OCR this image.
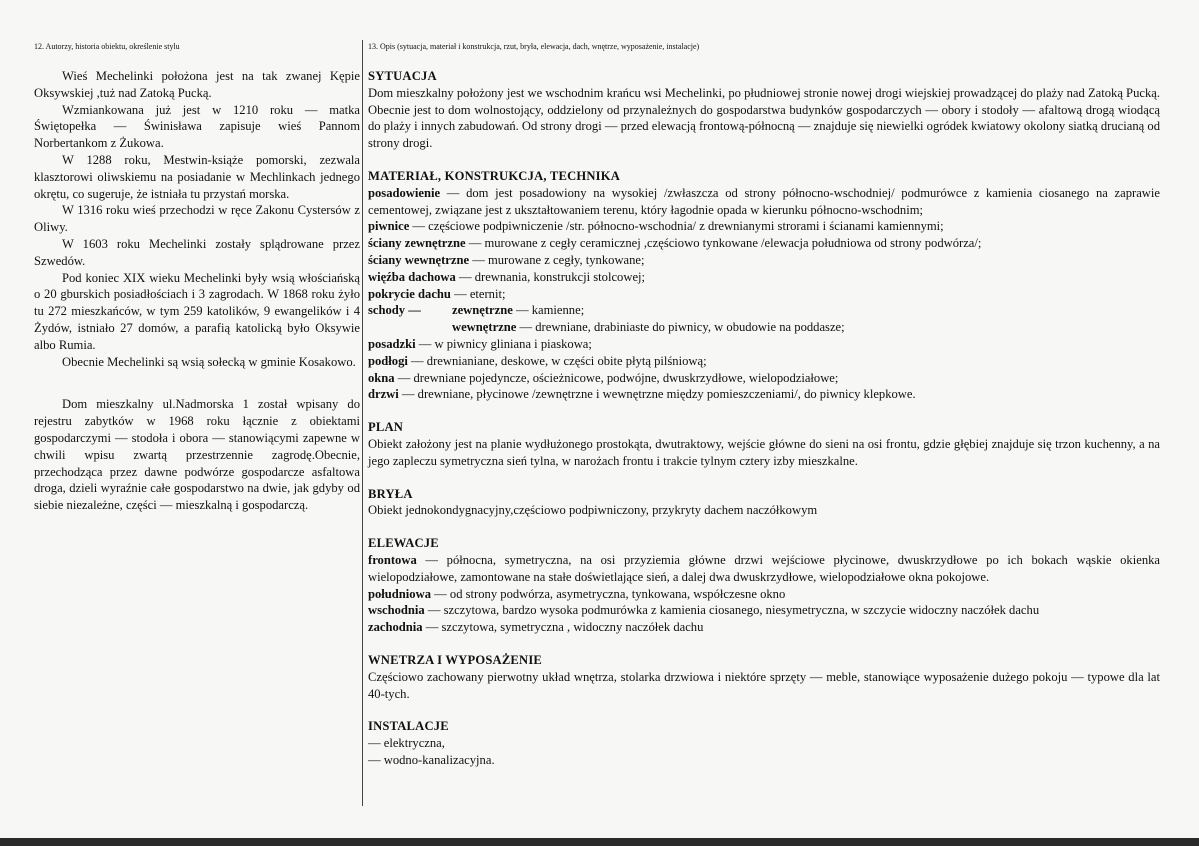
12. Autorzy, historia obiektu, określenie stylu

Wieś Mechelinki położona jest na tak zwanej Kępie Oksywskiej ,tuż nad Zatoką Pucką.

Wzmiankowana już jest w 1210 roku — matka Świętopełka — Świnisława zapisuje wieś Pannom Norbertankom z Żukowa.

W 1288 roku, Mestwin-książe pomorski, zezwala klasztorowi oliwskiemu na posiadanie w Mechlinkach jednego okrętu, co sugeruje, że istniała tu przystań morska.

W 1316 roku wieś przechodzi w ręce Zakonu Cystersów z Oliwy.

W 1603 roku Mechelinki zostały splądrowane przez Szwedów.

Pod koniec XIX wieku Mechelinki były wsią włościańską o 20 gburskich posiadłościach i 3 zagrodach. W 1868 roku żyło tu 272 mieszkańców, w tym 259 katolików, 9 ewangelików i 4 Żydów, istniało 27 domów, a parafią katolicką było Oksywie albo Rumia.

Obecnie Mechelinki są wsią sołecką w gminie Kosakowo.

Dom mieszkalny ul.Nadmorska 1 został wpisany do rejestru zabytków w 1968 roku łącznie z obiektami gospodarczymi — stodoła i obora — stanowiącymi zapewne w chwili wpisu zwartą przestrzennie zagrodę.Obecnie, przechodząca przez dawne podwórze gospodarcze asfaltowa droga, dzieli wyraźnie całe gospodarstwo na dwie, jak gdyby od siebie niezależne, części — mieszkalną i gospodarczą.

13. Opis (sytuacja, materiał i konstrukcja, rzut, bryła, elewacja, dach, wnętrze, wyposażenie, instalacje)

SYTUACJA

Dom mieszkalny położony jest we wschodnim krańcu wsi Mechelinki, po płudniowej stronie nowej drogi wiejskiej prowadzącej do plaży nad Zatoką Pucką. Obecnie jest to dom wolnostojący, oddzielony od przynależnych do gospodarstwa budynków gospodarczych — obory i stodoły — afaltową drogą wiodącą do plaży i innych zabudowań. Od strony drogi — przed elewacją frontową-północną — znajduje się niewielki ogródek kwiatowy okolony siatką drucianą od strony drogi.

MATERIAŁ, KONSTRUKCJA, TECHNIKA

posadowienie — dom jest posadowiony na wysokiej /zwłaszcza od strony północno-wschodniej/ podmurówce z kamienia ciosanego na zaprawie cementowej, związane jest z ukształtowaniem terenu, który łagodnie opada w kierunku północno-wschodnim;

piwnice — częściowe podpiwniczenie /str. północno-wschodnia/ z drewnianymi strorami i ścianami kamiennymi;

ściany zewnętrzne — murowane z cegły ceramicznej ,częściowo tynkowane /elewacja południowa od strony podwórza/;

ściany wewnętrzne — murowane z cegły, tynkowane;

więźba dachowa — drewnania, konstrukcji stolcowej;

pokrycie dachu — eternit;

schody —	zewnętrzne — kamienne;

wewnętrzne — drewniane, drabiniaste do piwnicy, w obudowie na poddasze;

posadzki — w piwnicy gliniana i piaskowa;

podłogi — drewnianiane, deskowe, w części obite płytą pilśniową;

okna — drewniane pojedyncze, ościeżnicowe, podwójne, dwuskrzydłowe, wielopodziałowe;

drzwi — drewniane, płycinowe /zewnętrzne i wewnętrzne między pomieszczeniami/, do piwnicy klepkowe.

PLAN

Obiekt założony jest na planie wydłużonego prostokąta, dwutraktowy, wejście główne do sieni na osi frontu, gdzie głębiej znajduje się trzon kuchenny, a na jego zapleczu symetryczna sień tylna, w narożach frontu i trakcie tylnym cztery izby mieszkalne.

BRYŁA

Obiekt jednokondygnacyjny,częściowo podpiwniczony, przykryty dachem naczółkowym

ELEWACJE

frontowa — północna, symetryczna, na osi przyziemia główne drzwi wejściowe płycinowe, dwuskrzydłowe po ich bokach wąskie okienka wielopodziałowe, zamontowane na stałe doświetlające sień, a dalej dwa dwuskrzydłowe, wielopodziałowe okna pokojowe.

południowa — od strony podwórza, asymetryczna, tynkowana, współczesne okno

wschodnia — szczytowa, bardzo wysoka podmurówka z kamienia ciosanego, niesymetryczna, w szczycie widoczny naczółek dachu

zachodnia — szczytowa, symetryczna , widoczny naczółek dachu

WNETRZA I WYPOSAŻENIE

Częściowo zachowany pierwotny układ wnętrza, stolarka drzwiowa i niektóre sprzęty — meble, stanowiące wyposażenie dużego pokoju — typowe dla lat 40-tych.

INSTALACJE

— elektryczna,

— wodno-kanalizacyjna.
